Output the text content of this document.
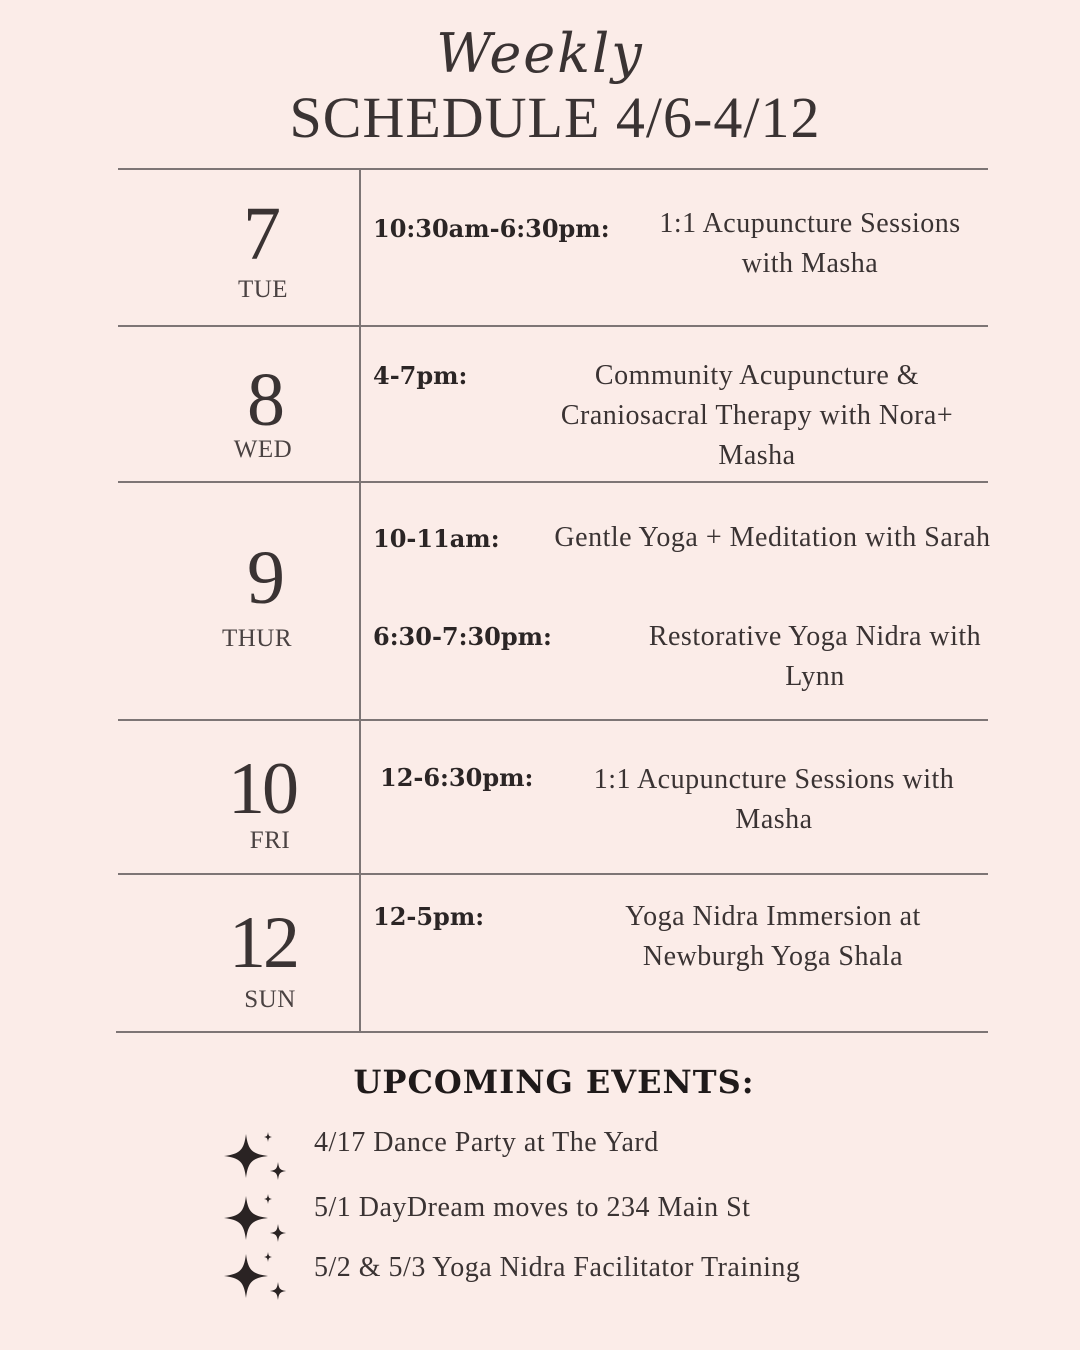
Weekly
SCHEDULE 4/6-4/12
7
TUE
10:30am-6:30pm:	1:1 Acupuncture Sessions
with Masha
8
WED
4-7pm:	Community Acupuncture &
Craniosacral Therapy with Nora+
Masha
9
THUR
10-11am:	Gentle Yoga + Meditation with Sarah
6:30-7:30pm:	Restorative Yoga Nidra with
Lynn
10
FRI
12-6:30pm:	1:1 Acupuncture Sessions with
Masha
12
SUN
12-5pm:	Yoga Nidra Immersion at
Newburgh Yoga Shala
UPCOMING EVENTS:
4/17 Dance Party at The Yard
5/1 DayDream moves to 234 Main St
5/2 & 5/3 Yoga Nidra Facilitator Training
